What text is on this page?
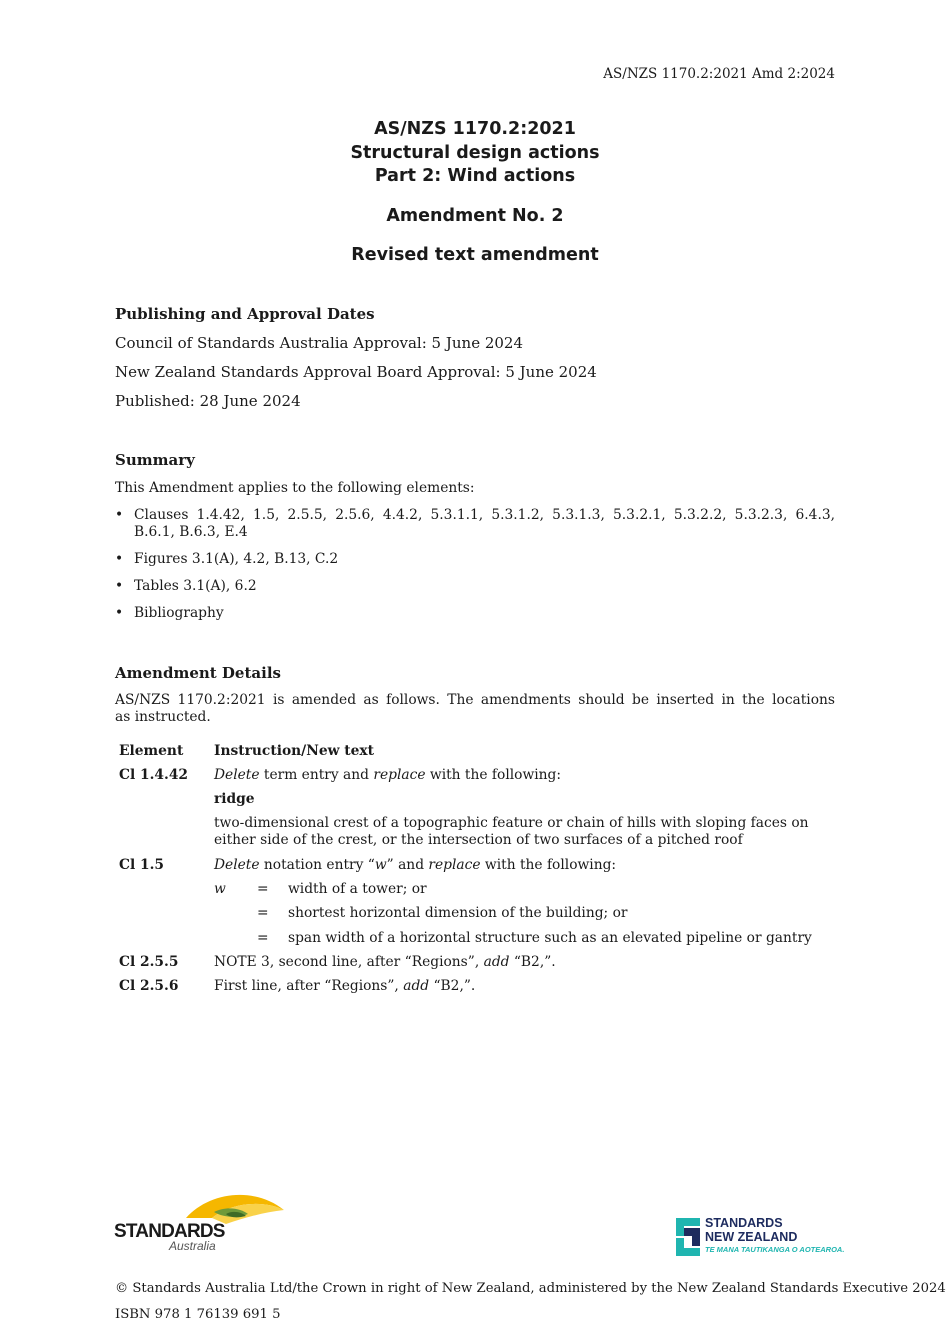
AS/NZS 1170.2:2021 Amd 2:2024
AS/NZS 1170.2:2021
Structural design actions
Part 2: Wind actions
Amendment No. 2
Revised text amendment
Publishing and Approval Dates
Council of Standards Australia Approval: 5 June 2024
New Zealand Standards Approval Board Approval: 5 June 2024
Published: 28 June 2024
Summary
This Amendment applies to the following elements:
• Clauses 1.4.42, 1.5, 2.5.5, 2.5.6, 4.4.2, 5.3.1.1, 5.3.1.2, 5.3.1.3, 5.3.2.1, 5.3.2.2, 5.3.2.3, 6.4.3,
B.6.1, B.6.3, E.4
• Figures 3.1(A), 4.2, B.13, C.2
• Tables 3.1(A), 6.2
• Bibliography
Amendment Details
AS/NZS 1170.2:2021 is amended as follows. The amendments should be inserted in the locations
as instructed.
Element Instruction/New text
Cl 1.4.42 Delete term entry and replace with the following:
ridge
two-dimensional crest of a topographic feature or chain of hills with sloping faces on
either side of the crest, or the intersection of two surfaces of a pitched roof
Cl 1.5	Delete notation entry “w” and replace with the following:
w = width of a tower; or
= shortest horizontal dimension of the building; or
= span width of a horizontal structure such as an elevated pipeline or gantry
Cl 2.5.5	NOTE 3, second line, after “Regions”, add “B2,”.
Cl 2.5.6	First line, after “Regions”, add “B2,”.
STANDARDS
Australia
STANDARDS
NEW ZEALAND
TE MANA TAUTIKANGA O AOTEAROA.
© Standards Australia Ltd/the Crown in right of New Zealand, administered by the New Zealand Standards Executive 2024
ISBN 978 1 76139 691 5
